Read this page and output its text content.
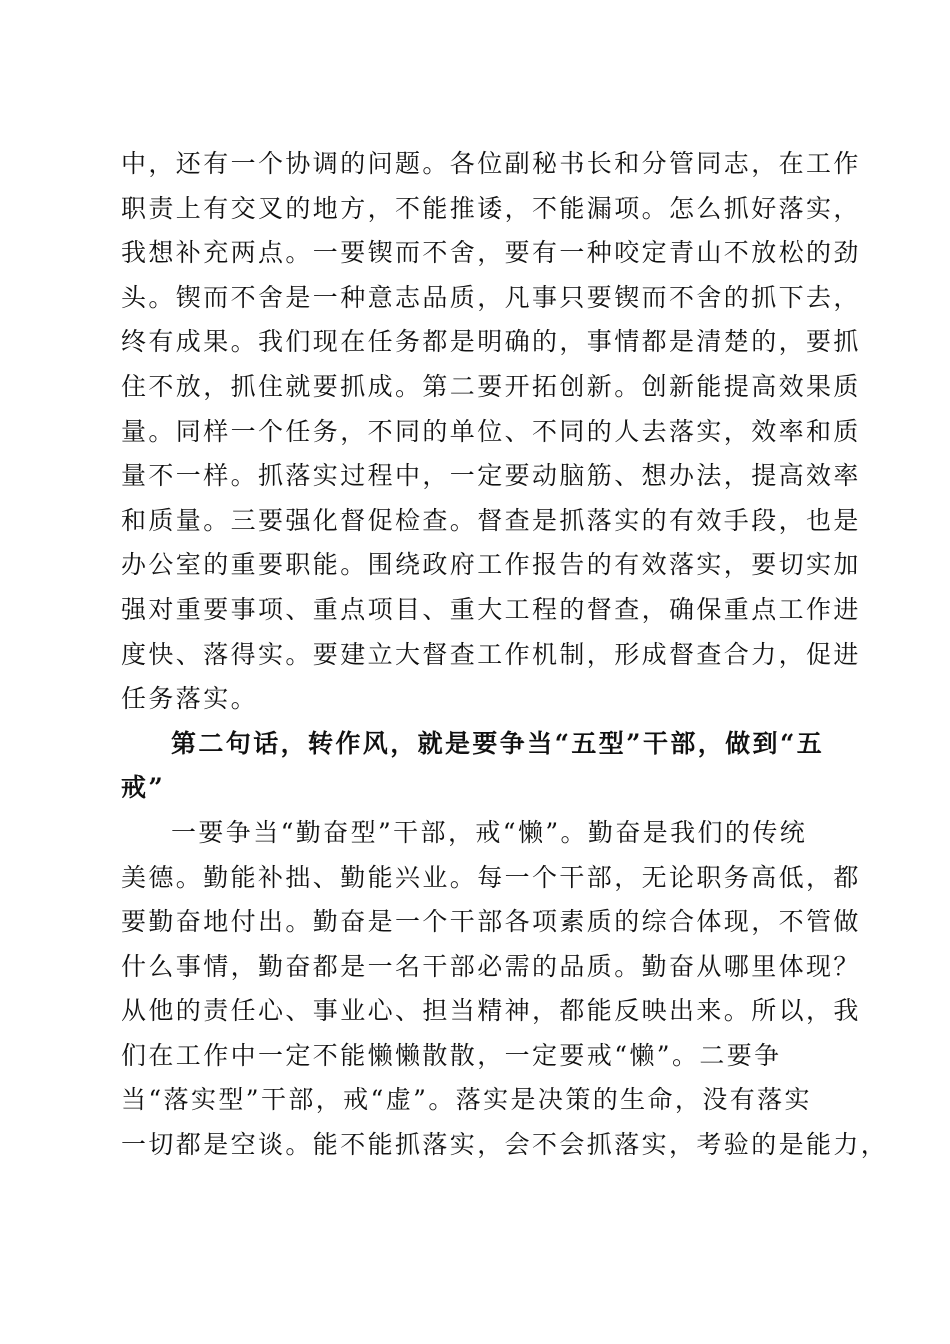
中，还有一个协调的问题。各位副秘书长和分管同志，在工作
职责上有交叉的地方，不能推诿，不能漏项。怎么抓好落实，
我想补充两点。一要锲而不舍，要有一种咬定青山不放松的劲
头。锲而不舍是一种意志品质，凡事只要锲而不舍的抓下去，
终有成果。我们现在任务都是明确的，事情都是清楚的，要抓
住不放，抓住就要抓成。第二要开拓创新。创新能提高效果质
量。同样一个任务，不同的单位、不同的人去落实，效率和质
量不一样。抓落实过程中，一定要动脑筋、想办法，提高效率
和质量。三要强化督促检查。督查是抓落实的有效手段，也是
办公室的重要职能。围绕政府工作报告的有效落实，要切实加
强对重要事项、重点项目、重大工程的督查，确保重点工作进
度快、落得实。要建立大督查工作机制，形成督查合力，促进
任务落实。
第二句话，转作风，就是要争当“五型”干部，做到“五
戒”
一要争当“勤奋型”干部，戒“懒”。勤奋是我们的传统
美德。勤能补拙、勤能兴业。每一个干部，无论职务高低，都
要勤奋地付出。勤奋是一个干部各项素质的综合体现，不管做
什么事情，勤奋都是一名干部必需的品质。勤奋从哪里体现？
从他的责任心、事业心、担当精神，都能反映出来。所以，我
们在工作中一定不能懒懒散散，一定要戒“懒”。二要争
当“落实型”干部，戒“虚”。落实是决策的生命，没有落实
一切都是空谈。能不能抓落实，会不会抓落实，考验的是能力，
